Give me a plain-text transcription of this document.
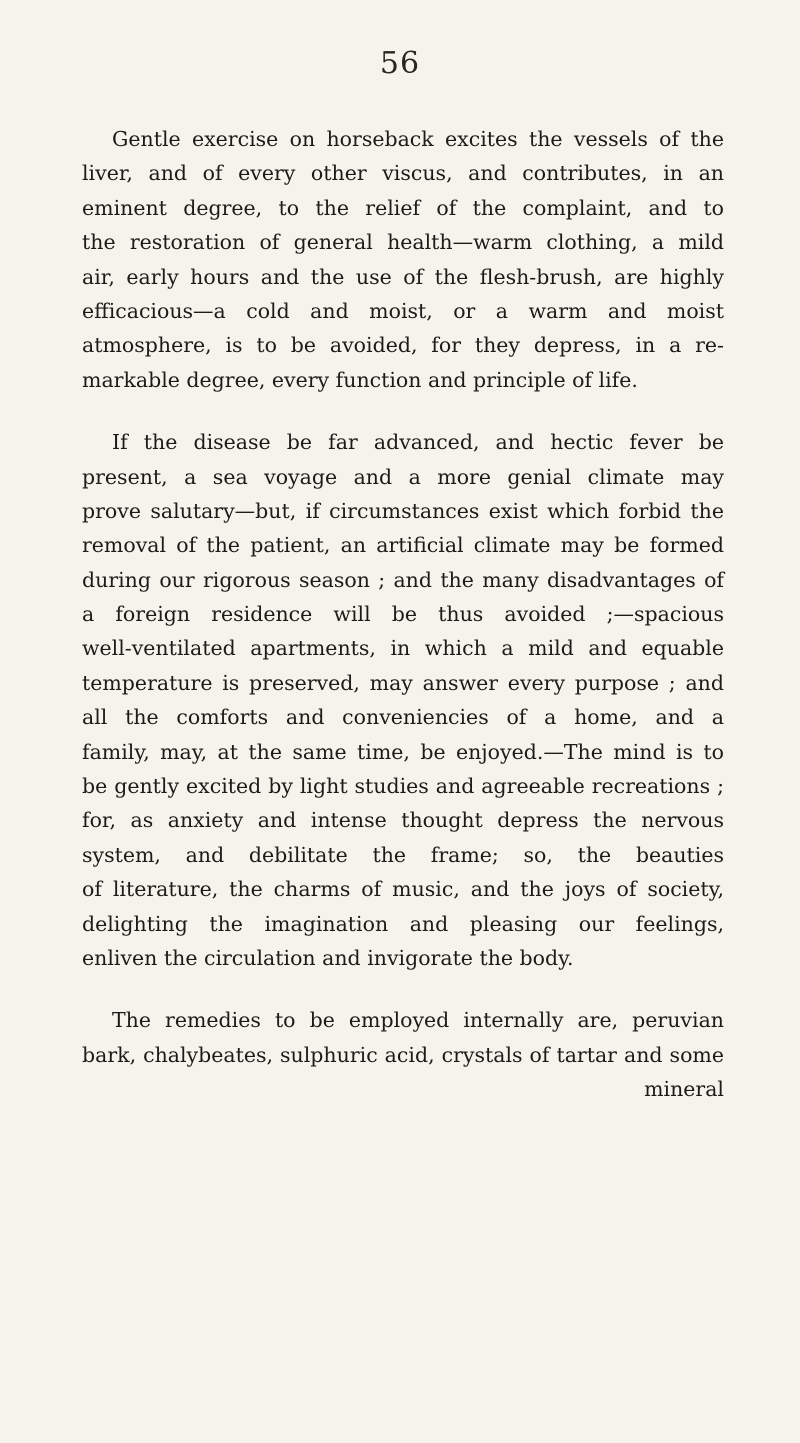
56
Gentle exercise on horseback excites the vessels of the
liver, and of every other viscus, and contributes, in an
eminent degree, to the relief of the complaint, and to
the restoration of general health—warm clothing, a mild
air, early hours and the use of the flesh-brush, are highly
efficacious—a cold and moist, or a warm and moist
atmosphere, is to be avoided, for they depress, in a re-
markable degree, every function and principle of life.
If the disease be far advanced, and hectic fever be
present, a sea voyage and a more genial climate may
prove salutary—but, if circumstances exist which forbid the
removal of the patient, an artificial climate may be formed
during our rigorous season ; and the many disadvantages of
a foreign residence will be thus avoided ;—spacious
well-ventilated apartments, in which a mild and equable
temperature is preserved, may answer every purpose ; and
all the comforts and conveniencies of a home, and a
family, may, at the same time, be enjoyed.—The mind is to
be gently excited by light studies and agreeable recreations ;
for, as anxiety and intense thought depress the nervous
system, and debilitate the frame; so, the beauties
of literature, the charms of music, and the joys of society,
delighting the imagination and pleasing our feelings,
enliven the circulation and invigorate the body.
The remedies to be employed internally are, peruvian
bark, chalybeates, sulphuric acid, crystals of tartar and some
mineral
